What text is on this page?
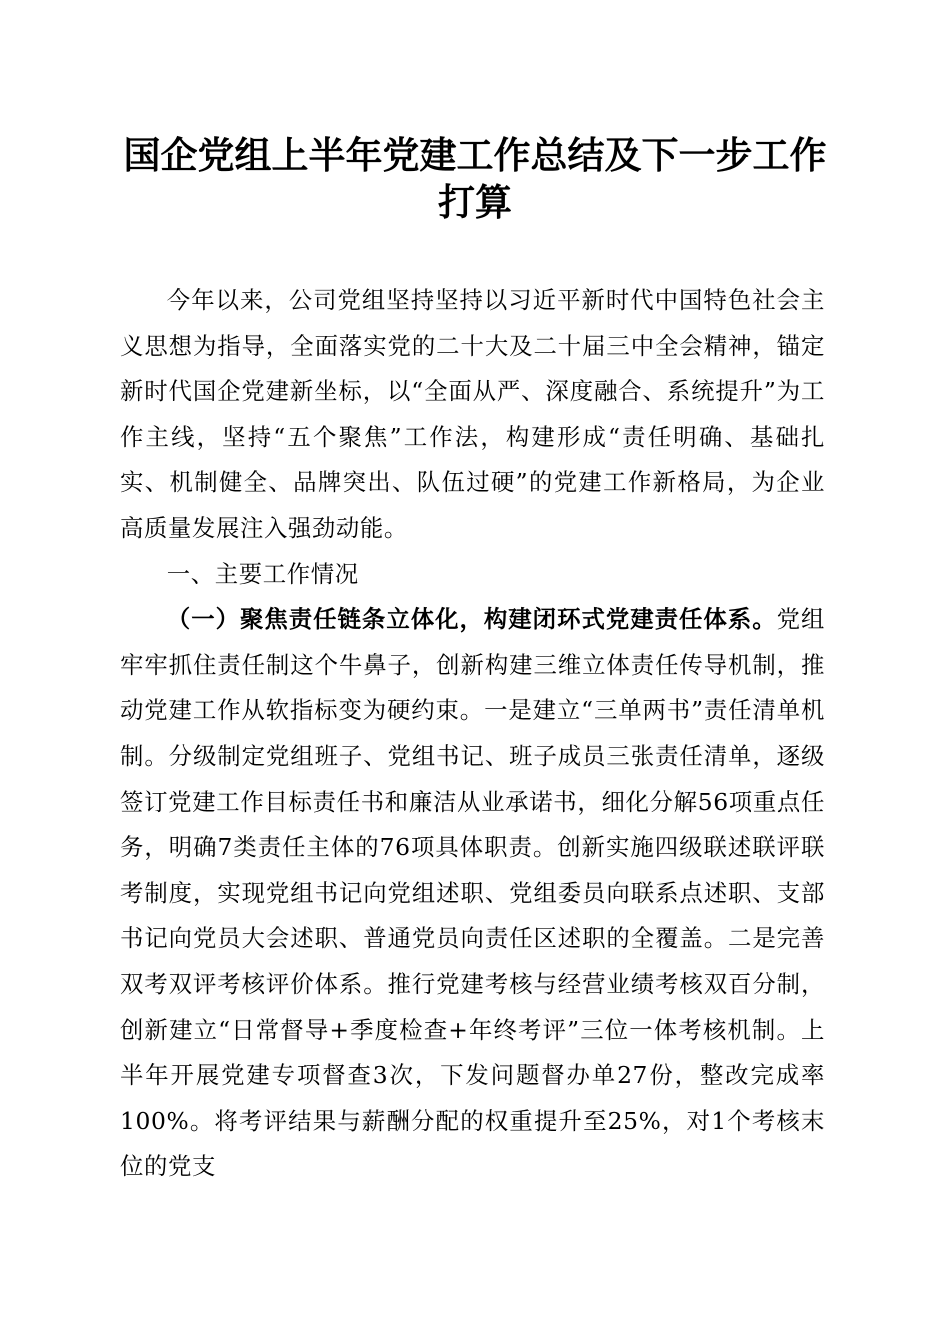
国企党组上半年党建工作总结及下一步工作打算

今年以来，公司党组坚持坚持以习近平新时代中国特色社会主义思想为指导，全面落实党的二十大及二十届三中全会精神，锚定新时代国企党建新坐标，以“全面从严、深度融合、系统提升”为工作主线，坚持“五个聚焦”工作法，构建形成“责任明确、基础扎实、机制健全、品牌突出、队伍过硬”的党建工作新格局，为企业高质量发展注入强劲动能。

一、主要工作情况

（一）聚焦责任链条立体化，构建闭环式党建责任体系。党组牢牢抓住责任制这个牛鼻子，创新构建三维立体责任传导机制，推动党建工作从软指标变为硬约束。一是建立“三单两书”责任清单机制。分级制定党组班子、党组书记、班子成员三张责任清单，逐级签订党建工作目标责任书和廉洁从业承诺书，细化分解56项重点任务，明确7类责任主体的76项具体职责。创新实施四级联述联评联考制度，实现党组书记向党组述职、党组委员向联系点述职、支部书记向党员大会述职、普通党员向责任区述职的全覆盖。二是完善双考双评考核评价体系。推行党建考核与经营业绩考核双百分制，创新建立“日常督导+季度检查+年终考评”三位一体考核机制。上半年开展党建专项督查3次，下发问题督办单27份，整改完成率100%。将考评结果与薪酬分配的权重提升至25%，对1个考核末位的党支
